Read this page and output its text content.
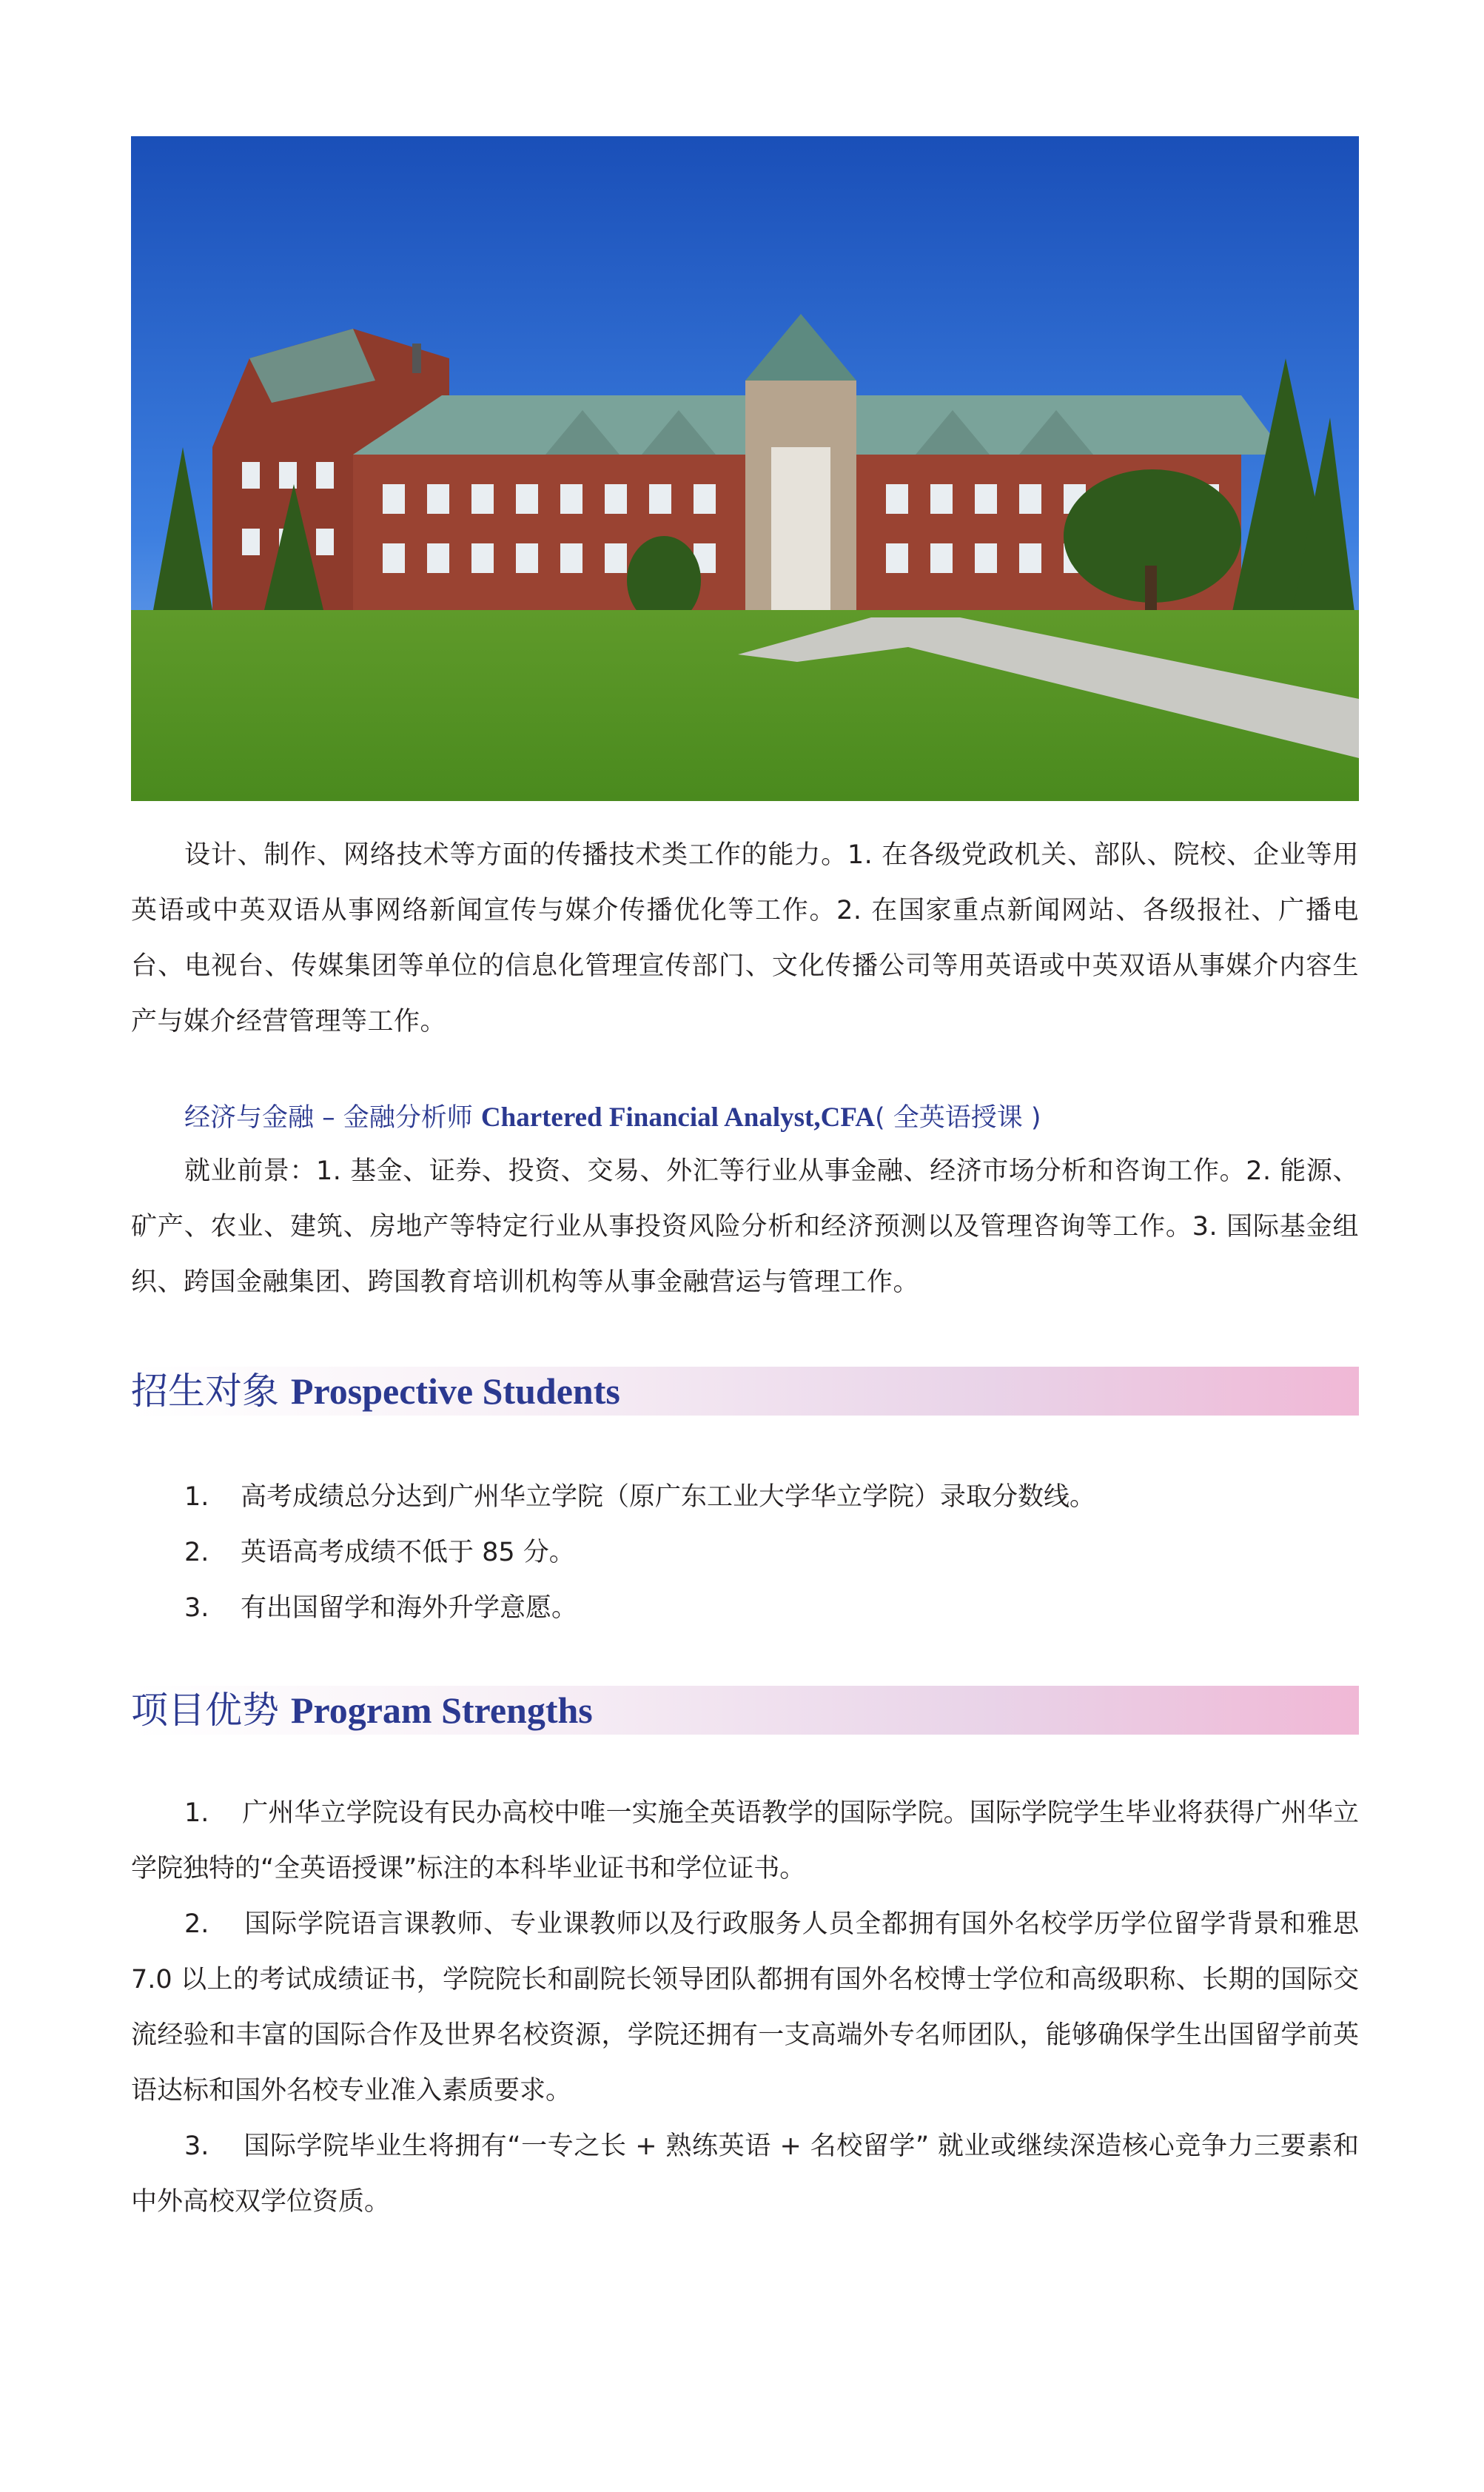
设计、制作、网络技术等方面的传播技术类工作的能力。1. 在各级党政机关、部队、院校、企业等用英语或中英双语从事网络新闻宣传与媒介传播优化等工作。2. 在国家重点新闻网站、各级报社、广播电台、电视台、传媒集团等单位的信息化管理宣传部门、文化传播公司等用英语或中英双语从事媒介内容生产与媒介经营管理等工作。

经济与金融 – 金融分析师 Chartered Financial Analyst,CFA( 全英语授课 )

就业前景：1. 基金、证券、投资、交易、外汇等行业从事金融、经济市场分析和咨询工作。2. 能源、矿产、农业、建筑、房地产等特定行业从事投资风险分析和经济预测以及管理咨询等工作。3. 国际基金组织、跨国金融集团、跨国教育培训机构等从事金融营运与管理工作。

招生对象 Prospective Students
1. 高考成绩总分达到广州华立学院（原广东工业大学华立学院）录取分数线。
2. 英语高考成绩不低于 85 分。
3. 有出国留学和海外升学意愿。
项目优势 Program Strengths

1. 广州华立学院设有民办高校中唯一实施全英语教学的国际学院。国际学院学生毕业将获得广州华立学院独特的“全英语授课”标注的本科毕业证书和学位证书。

2. 国际学院语言课教师、专业课教师以及行政服务人员全都拥有国外名校学历学位留学背景和雅思 7.0 以上的考试成绩证书，学院院长和副院长领导团队都拥有国外名校博士学位和高级职称、长期的国际交流经验和丰富的国际合作及世界名校资源，学院还拥有一支高端外专名师团队，能够确保学生出国留学前英语达标和国外名校专业准入素质要求。

3. 国际学院毕业生将拥有“一专之长 + 熟练英语 + 名校留学” 就业或继续深造核心竞争力三要素和中外高校双学位资质。
